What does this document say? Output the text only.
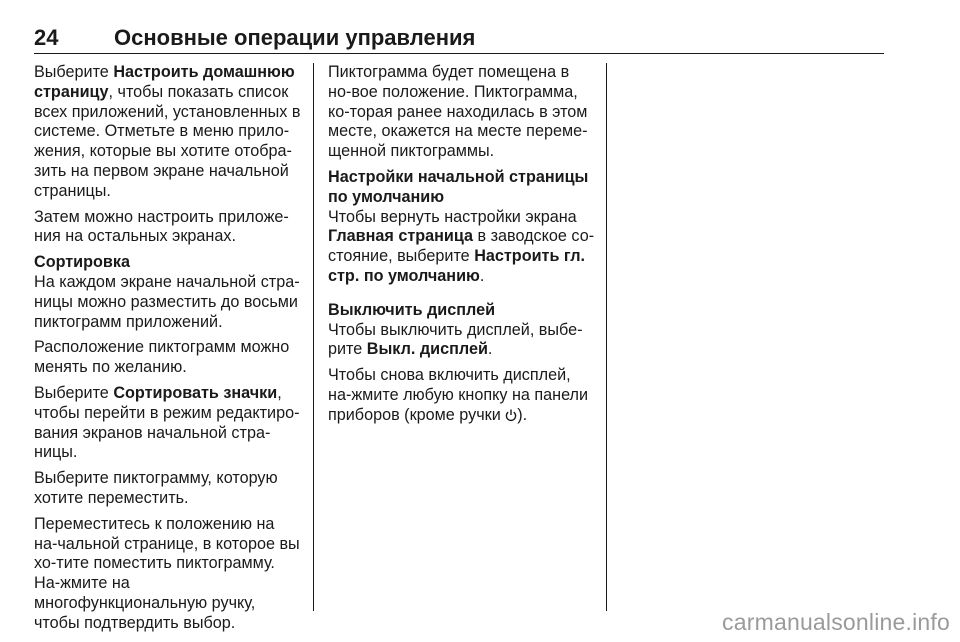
24	Основные операции управления

Выберите Настроить домашнюю страницу, чтобы показать список всех приложений, установленных в системе. Отметьте в меню прило-жения, которые вы хотите отобра-зить на первом экране начальной страницы.

Затем можно настроить приложе-ния на остальных экранах.

Сортировка

На каждом экране начальной стра-ницы можно разместить до восьми пиктограмм приложений.

Расположение пиктограмм можно менять по желанию.

Выберите Сортировать значки, чтобы перейти в режим редактиро-вания экранов начальной стра-ницы.

Выберите пиктограмму, которую хотите переместить.

Переместитесь к положению на на-чальной странице, в которое вы хо-тите поместить пиктограмму. На-жмите на многофункциональную ручку, чтобы подтвердить выбор.

Пиктограмма будет помещена в но-вое положение. Пиктограмма, ко-торая ранее находилась в этом месте, окажется на месте переме-щенной пиктограммы.

Настройки начальной страницы по умолчанию

Чтобы вернуть настройки экрана Главная страница в заводское со-стояние, выберите Настроить гл. стр. по умолчанию.

Выключить дисплей

Чтобы выключить дисплей, выбе-рите Выкл. дисплей.

Чтобы снова включить дисплей, на-жмите любую кнопку на панели приборов (кроме ручки ).

carmanualsonline.info
